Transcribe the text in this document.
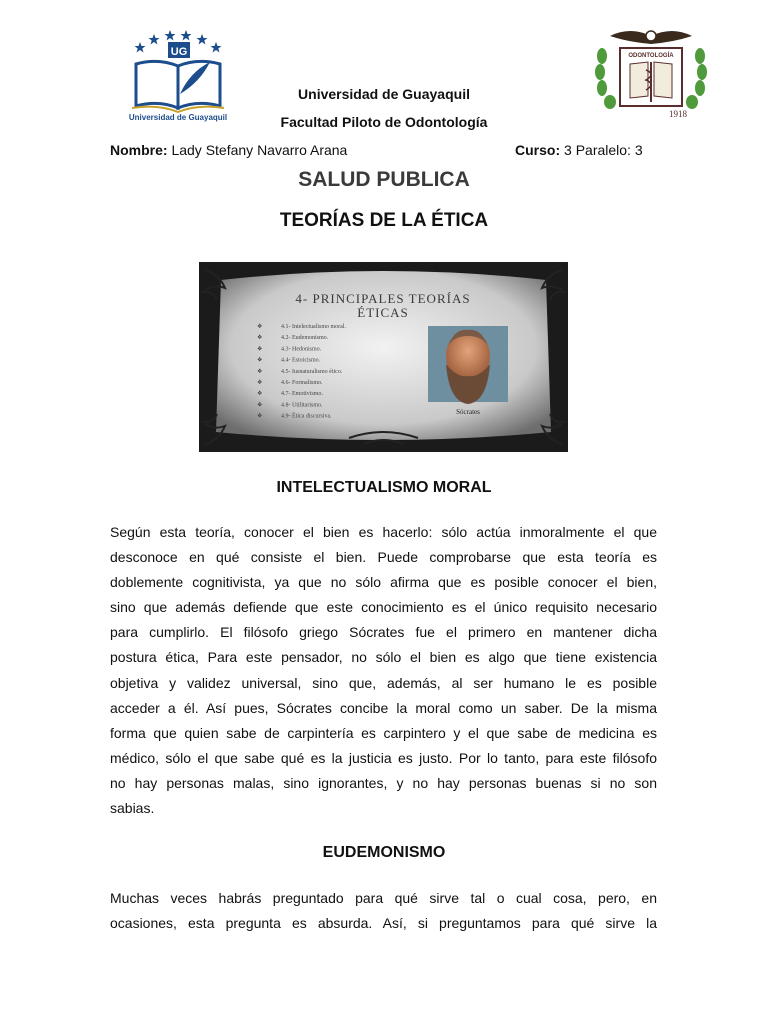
UG
Universidad de Guayaquil
ODONTOLOGÍA
1918
Universidad de Guayaquil
Facultad Piloto de Odontología
Nombre: Lady Stefany Navarro Arana	Curso: 3 Paralelo: 3
SALUD PUBLICA
TEORÍAS DE LA ÉTICA
4- PRINCIPALES TEORÍAS
ÉTICAS
❖	4.1- Intelectualismo moral.
❖	4.2- Eudemonismo.
❖	4.3- Hedonismo.
❖	4.4- Estoicismo.
❖	4.5- Iusnaturalismo ético.
❖	4.6- Formalismo.
❖	4.7- Emotivismo.
❖	4.8- Utilitarismo.
❖	4.9- Ética discursiva.
Sócrates
INTELECTUALISMO MORAL
Según esta teoría, conocer el bien es hacerlo: sólo actúa inmoralmente el que
desconoce en qué consiste el bien. Puede comprobarse que esta teoría es
doblemente cognitivista, ya que no sólo afirma que es posible conocer el bien,
sino que además defiende que este conocimiento es el único requisito necesario
para cumplirlo. El filósofo griego Sócrates fue el primero en mantener dicha
postura ética, Para este pensador, no sólo el bien es algo que tiene existencia
objetiva y validez universal, sino que, además, al ser humano le es posible
acceder a él. Así pues, Sócrates concibe la moral como un saber. De la misma
forma que quien sabe de carpintería es carpintero y el que sabe de medicina es
médico, sólo el que sabe qué es la justicia es justo. Por lo tanto, para este filósofo
no hay personas malas, sino ignorantes, y no hay personas buenas si no son
sabias.
EUDEMONISMO
Muchas veces habrás preguntado para qué sirve tal o cual cosa, pero, en
ocasiones, esta pregunta es absurda. Así, si preguntamos para qué sirve la
